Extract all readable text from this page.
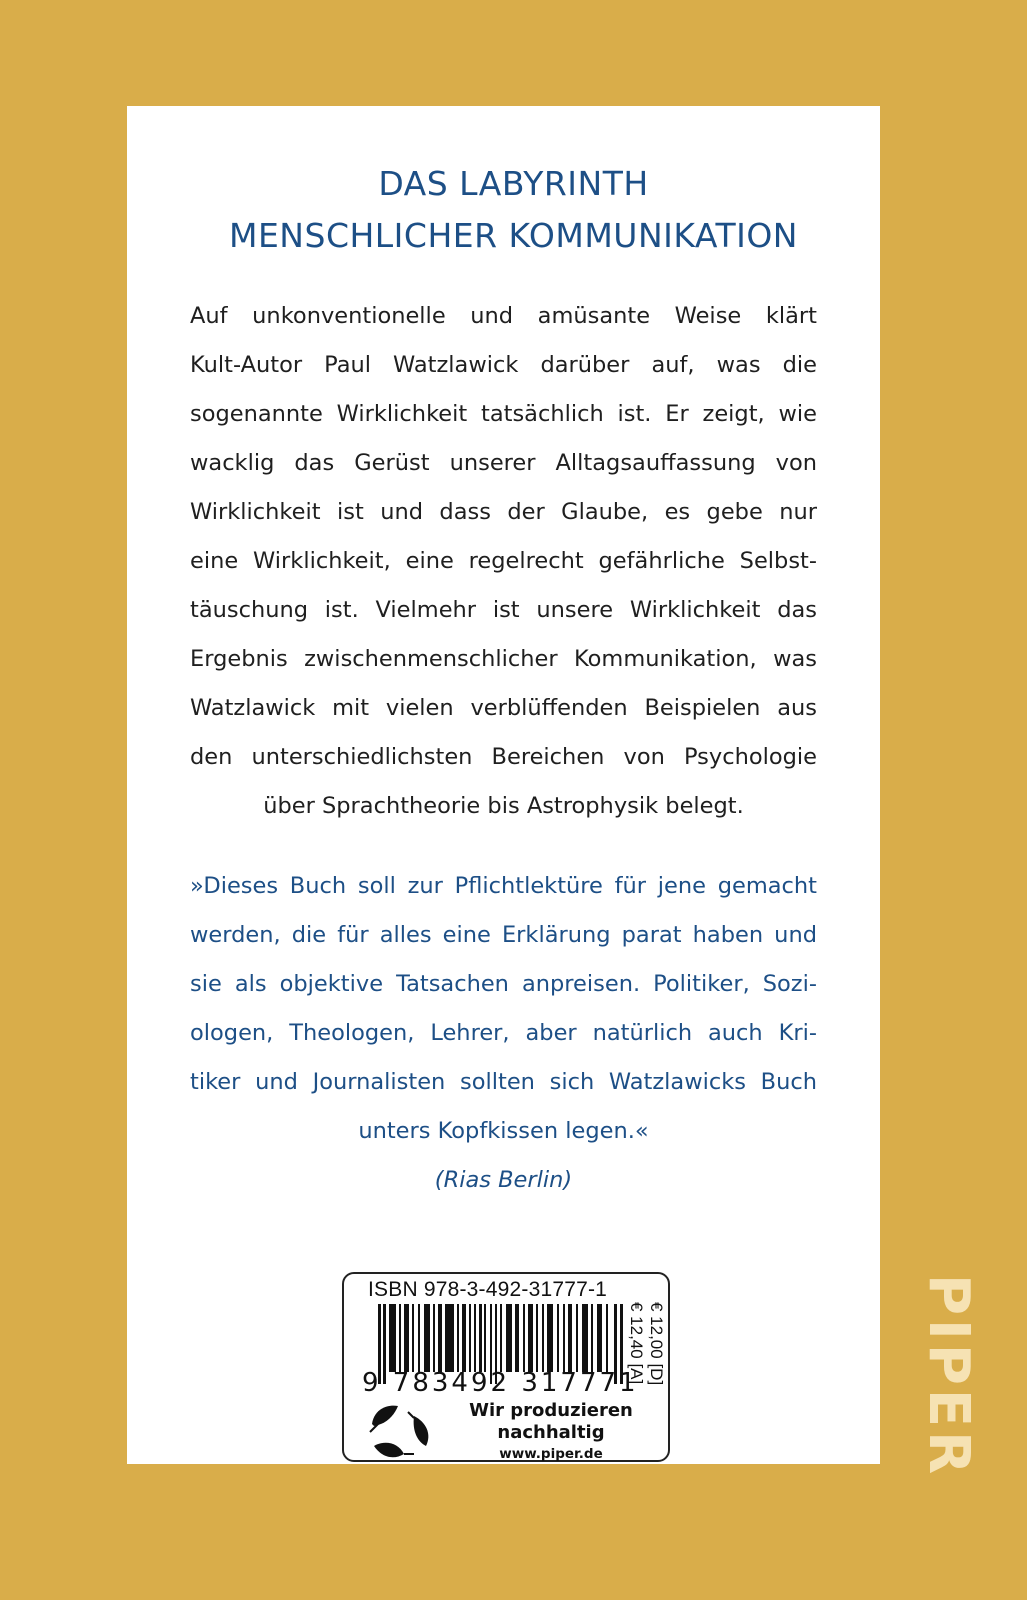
DAS LABYRINTH
MENSCHLICHER KOMMUNIKATION
Auf unkonventionelle und amüsante Weise klärt
Kult-Autor Paul Watzlawick darüber auf, was die
sogenannte Wirklichkeit tatsächlich ist. Er zeigt, wie
wacklig das Gerüst unserer Alltagsauffassung von
Wirklichkeit ist und dass der Glaube, es gebe nur
eine Wirklichkeit, eine regelrecht gefährliche Selbst-
täuschung ist. Vielmehr ist unsere Wirklichkeit das
Ergebnis zwischenmenschlicher Kommunikation, was
Watzlawick mit vielen verblüffenden Beispielen aus
den unterschiedlichsten Bereichen von Psychologie
über Sprachtheorie bis Astrophysik belegt.
»Dieses Buch soll zur Pflichtlektüre für jene gemacht
werden, die für alles eine Erklärung parat haben und
sie als objektive Tatsachen anpreisen. Politiker, Sozi-
ologen, Theologen, Lehrer, aber natürlich auch Kri-
tiker und Journalisten sollten sich Watzlawicks Buch
unters Kopfkissen legen.«
(Rias Berlin)
ISBN 978-3-492-31777-1
9 783492 317771 € 12,00 [D]
€ 12,40 [A]
Wir produzieren
nachhaltig
www.piper.de	PIPER
